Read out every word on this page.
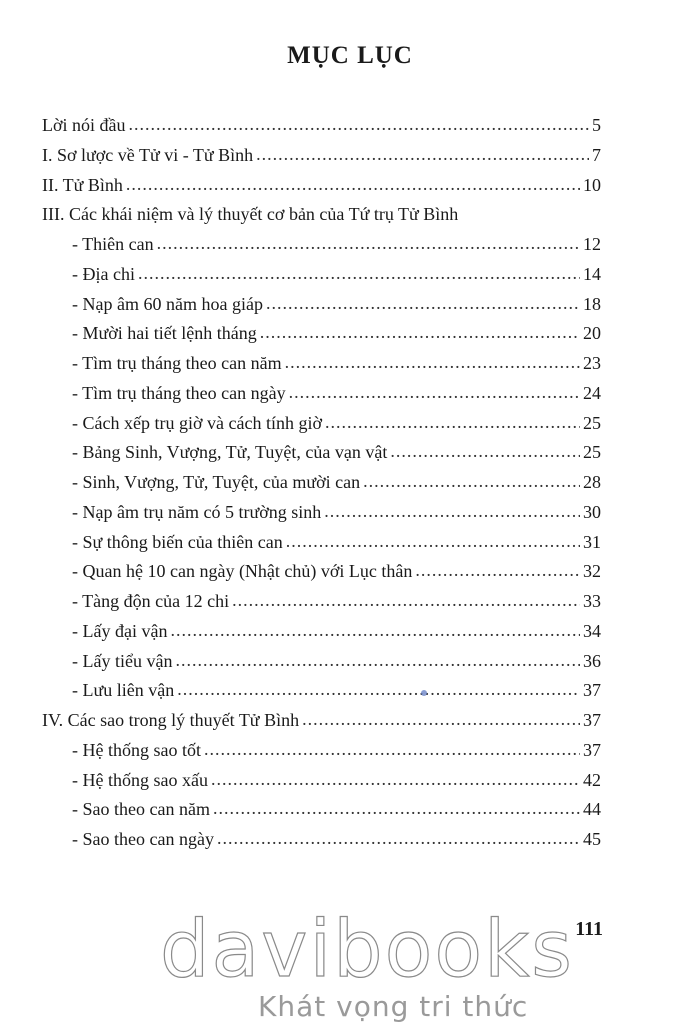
MỤC LỤC
Lời nói đầu .....	5
I. Sơ lược về Tử vi - Tử Bình .....	7
II. Tử Bình .....	10
III. Các khái niệm và lý thuyết cơ bản của Tứ trụ Tử Bình
- Thiên can .....	12
- Địa chi .....	14
- Nạp âm 60 năm hoa giáp .....	18
- Mười hai tiết lệnh tháng .....	20
- Tìm trụ tháng theo can năm .....	23
- Tìm trụ tháng theo can ngày .....	24
- Cách xếp trụ giờ và cách tính giờ .....	25
- Bảng Sinh, Vượng, Tử, Tuyệt, của vạn vật .....	25
- Sinh, Vượng, Tử, Tuyệt, của mười can .....	28
- Nạp âm trụ năm có 5 trường sinh .....	30
- Sự thông biến của thiên can .....	31
- Quan hệ 10 can ngày (Nhật chủ) với Lục thân .....	32
- Tàng độn của 12 chi .....	33
- Lấy đại vận .....	34
- Lấy tiểu vận .....	36
- Lưu liên vận .....	37
IV. Các sao trong lý thuyết Tử Bình .....	37
- Hệ thống sao tốt .....	37
- Hệ thống sao xấu .....	42
- Sao theo can năm .....	44
- Sao theo can ngày .....	45
111
davibooks
Khát vọng tri thức
